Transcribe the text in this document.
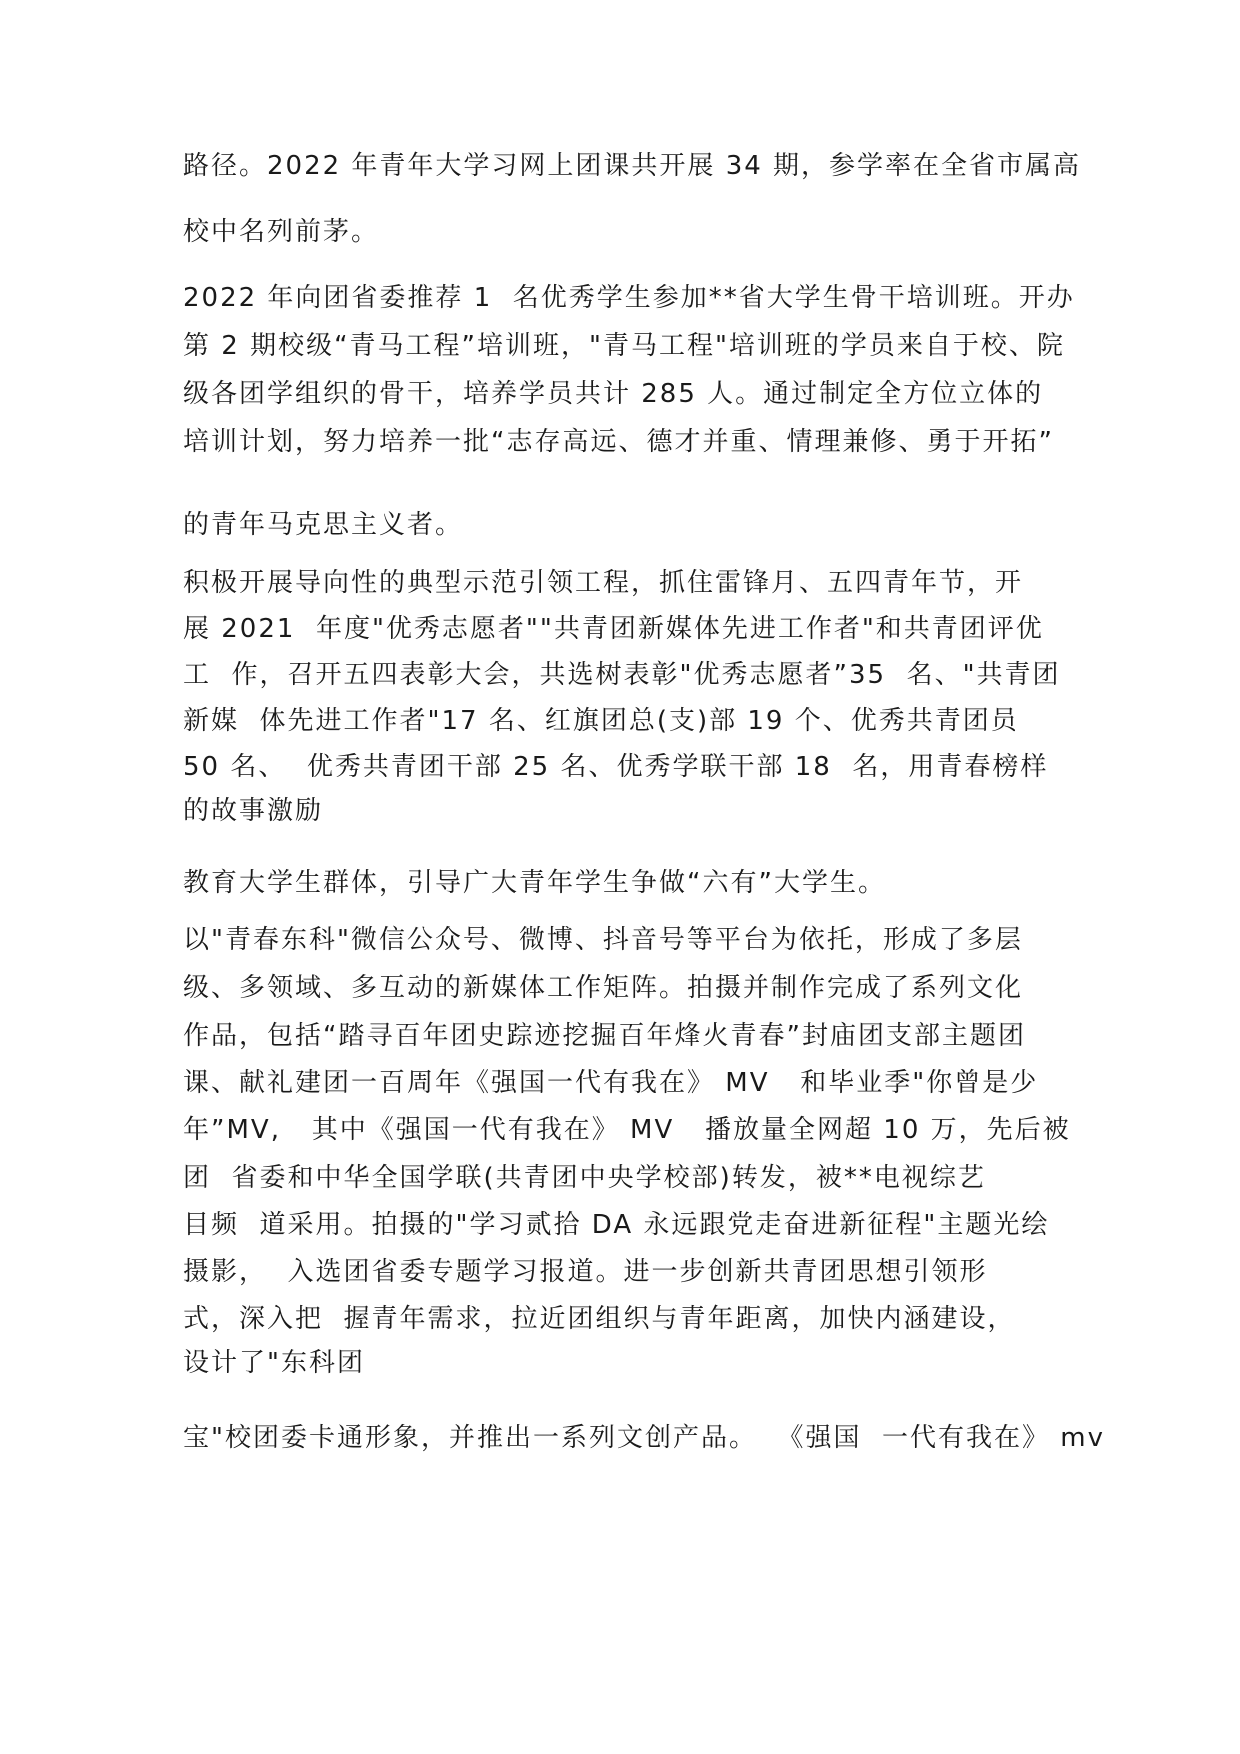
路径。2022 年青年大学习网上团课共开展 34 期，参学率在全省市属高
校中名列前茅。
2022 年向团省委推荐 1  名优秀学生参加**省大学生骨干培训班。开办
第 2 期校级“青马工程”培训班，"青马工程"培训班的学员来自于校、院
级各团学组织的骨干，培养学员共计 285 人。通过制定全方位立体的
培训计划，努力培养一批“志存高远、德才并重、情理兼修、勇于开拓”
的青年马克思主义者。
积极开展导向性的典型示范引领工程，抓住雷锋月、五四青年节，开
展 2021  年度"优秀志愿者""共青团新媒体先进工作者"和共青团评优
工  作，召开五四表彰大会，共选树表彰"优秀志愿者”35  名、"共青团
新媒  体先进工作者"17 名、红旗团总(支)部 19 个、优秀共青团员
50 名、  优秀共青团干部 25 名、优秀学联干部 18  名，用青春榜样
的故事激励
教育大学生群体，引导广大青年学生争做“六有”大学生。
以"青春东科"微信公众号、微博、抖音号等平台为依托，形成了多层
级、多领域、多互动的新媒体工作矩阵。拍摄并制作完成了系列文化
作品，包括“踏寻百年团史踪迹挖掘百年烽火青春”封庙团支部主题团
课、献礼建团一百周年《强国一代有我在》 MV   和毕业季"你曾是少
年”MV,   其中《强国一代有我在》 MV   播放量全网超 10 万，先后被
团  省委和中华全国学联(共青团中央学校部)转发，被**电视综艺
目频  道采用。拍摄的"学习贰拾 DA 永远跟党走奋进新征程"主题光绘
摄影，  入选团省委专题学习报道。进一步创新共青团思想引领形
式，深入把  握青年需求，拉近团组织与青年距离，加快内涵建设，
设计了"东科团
宝"校团委卡通形象，并推出一系列文创产品。  《强国  一代有我在》 mv
